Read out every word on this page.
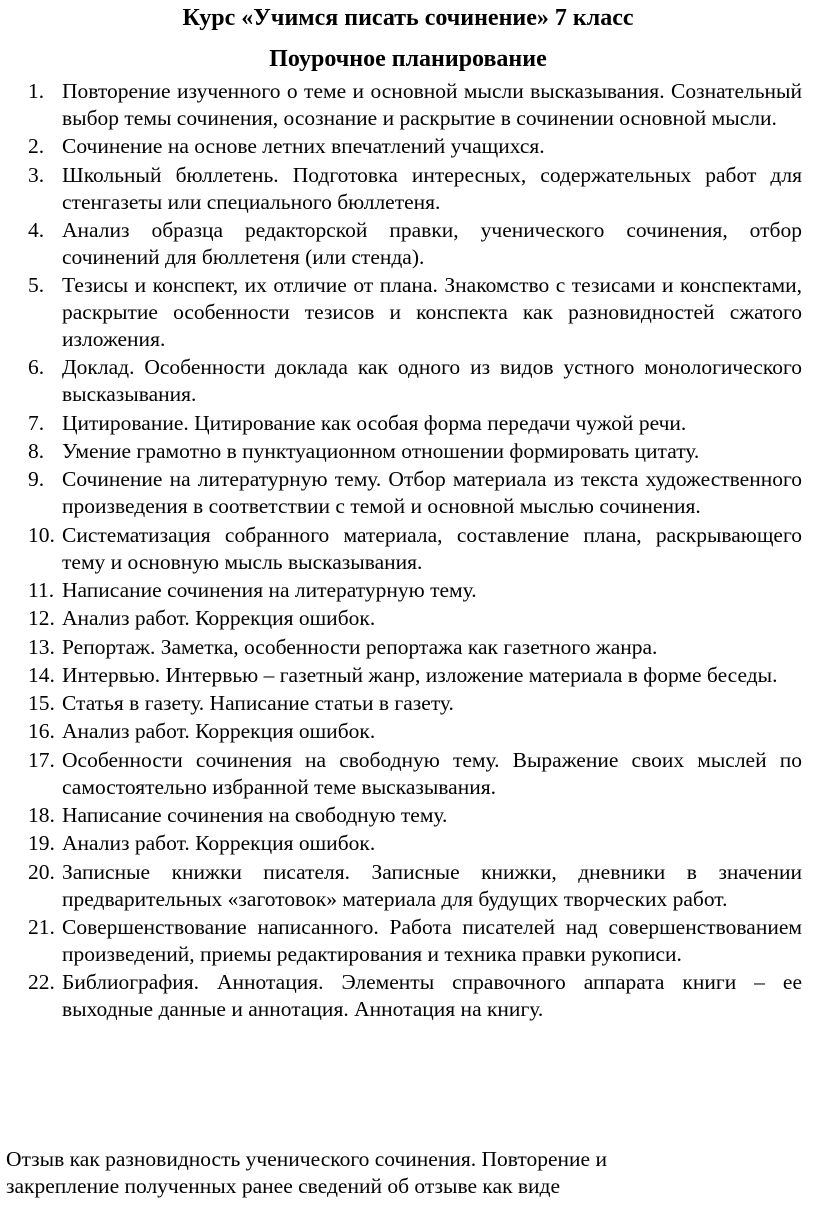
Курс «Учимся писать сочинение» 7 класс
Поурочное планирование
1. Повторение изученного о теме и основной мысли высказывания. Сознательный выбор темы сочинения, осознание и раскрытие в сочинении основной мысли.
2. Сочинение на основе летних впечатлений учащихся.
3. Школьный бюллетень. Подготовка интересных, содержательных работ для стенгазеты или специального бюллетеня.
4. Анализ образца редакторской правки, ученического сочинения, отбор сочинений для бюллетеня (или стенда).
5. Тезисы и конспект, их отличие от плана. Знакомство с тезисами и конспектами, раскрытие особенности тезисов и конспекта как разновидностей сжатого изложения.
6. Доклад. Особенности доклада как одного из видов устного монологического высказывания.
7. Цитирование. Цитирование как особая форма передачи чужой речи.
8. Умение грамотно в пунктуационном отношении формировать цитату.
9. Сочинение на литературную тему. Отбор материала из текста художественного произведения в соответствии с темой и основной мыслью сочинения.
10. Систематизация собранного материала, составление плана, раскрывающего тему и основную мысль высказывания.
11. Написание сочинения на литературную тему.
12. Анализ работ. Коррекция ошибок.
13. Репортаж. Заметка, особенности репортажа как газетного жанра.
14. Интервью. Интервью – газетный жанр, изложение материала в форме беседы.
15. Статья в газету. Написание статьи в газету.
16. Анализ работ. Коррекция ошибок.
17. Особенности сочинения на свободную тему. Выражение своих мыслей по самостоятельно избранной теме высказывания.
18. Написание сочинения на свободную тему.
19. Анализ работ. Коррекция ошибок.
20. Записные книжки писателя. Записные книжки, дневники в значении предварительных «заготовок» материала для будущих творческих работ.
21. Совершенствование написанного. Работа писателей над совершенствованием произведений, приемы редактирования и техника правки рукописи.
22. Библиография. Аннотация. Элементы справочного аппарата книги – ее выходные данные и аннотация. Аннотация на книгу.

Отзыв как разновидность ученического сочинения. Повторение и закрепление полученных ранее сведений об отзыве как виде
